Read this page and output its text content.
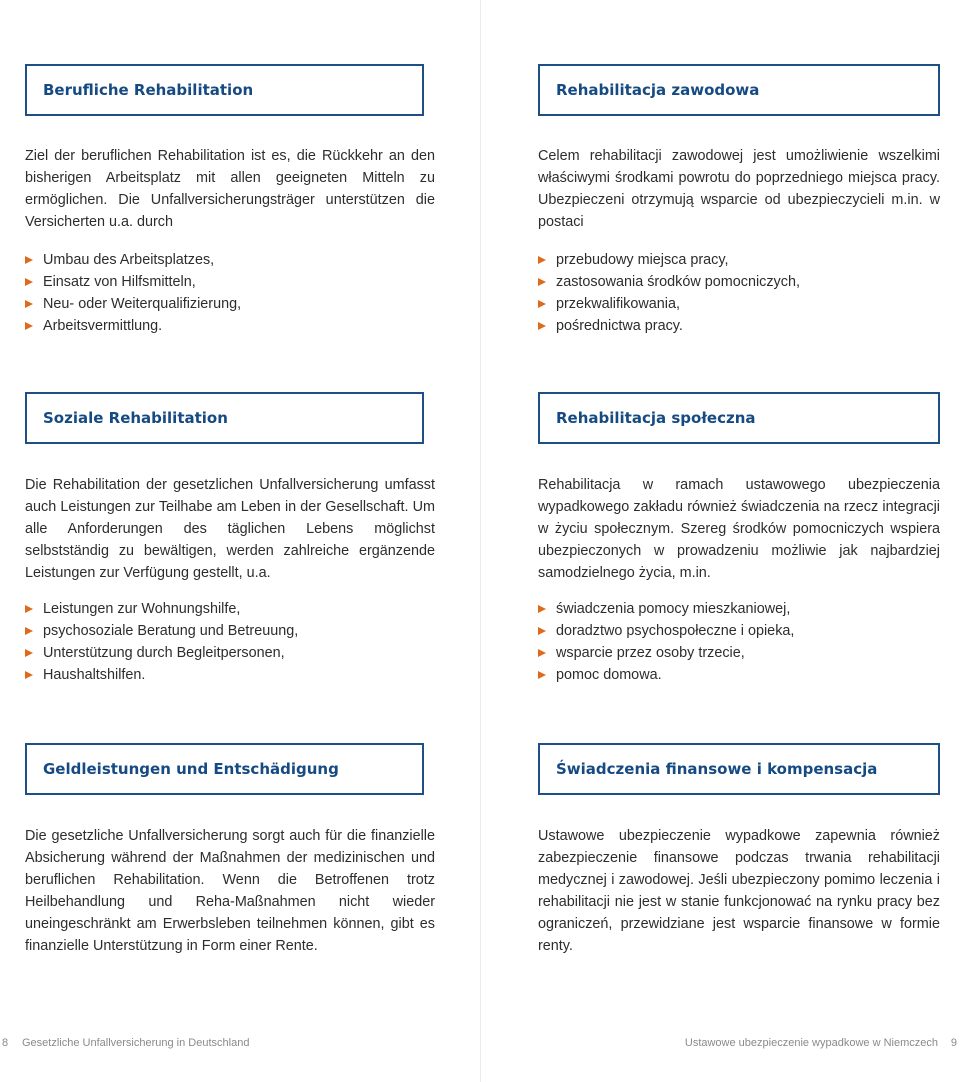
Berufliche Rehabilitation
Ziel der beruflichen Rehabilitation ist es, die Rückkehr an den bisherigen Arbeitsplatz mit allen geeigneten Mitteln zu ermöglichen. Die Unfallversicherungsträger unterstützen die Versicherten u.a. durch
Umbau des Arbeitsplatzes,
Einsatz von Hilfsmitteln,
Neu- oder Weiterqualifizierung,
Arbeitsvermittlung.
Soziale Rehabilitation
Die Rehabilitation der gesetzlichen Unfallversicherung umfasst auch Leistungen zur Teilhabe am Leben in der Gesellschaft. Um alle Anforderungen des täglichen Lebens möglichst selbstständig zu bewältigen, werden zahlreiche ergänzende Leistungen zur Verfügung gestellt, u.a.
Leistungen zur Wohnungshilfe,
psychosoziale Beratung und Betreuung,
Unterstützung durch Begleitpersonen,
Haushaltshilfen.
Geldleistungen und Entschädigung
Die gesetzliche Unfallversicherung sorgt auch für die finanzielle Absicherung während der Maßnahmen der medizinischen und beruflichen Rehabilitation. Wenn die Betroffenen trotz Heilbehandlung und Reha-Maßnahmen nicht wieder uneingeschränkt am Erwerbsleben teilnehmen können, gibt es finanzielle Unterstützung in Form einer Rente.
Rehabilitacja zawodowa
Celem rehabilitacji zawodowej jest umożliwienie wszelkimi właściwymi środkami powrotu do poprzedniego miejsca pracy. Ubezpieczeni otrzymują wsparcie od ubezpieczycieli m.in. w postaci
przebudowy miejsca pracy,
zastosowania środków pomocniczych,
przekwalifikowania,
pośrednictwa pracy.
Rehabilitacja społeczna
Rehabilitacja w ramach ustawowego ubezpieczenia wypadkowego zakładu również świadczenia na rzecz integracji w życiu społecznym. Szereg środków pomocniczych wspiera ubezpieczonych w prowadzeniu możliwie jak najbardziej samodzielnego życia, m.in.
świadczenia pomocy mieszkaniowej,
doradztwo psychospołeczne i opieka,
wsparcie przez osoby trzecie,
pomoc domowa.
Świadczenia finansowe i kompensacja
Ustawowe ubezpieczenie wypadkowe zapewnia również zabezpieczenie finansowe podczas trwania rehabilitacji medycznej i zawodowej. Jeśli ubezpieczony pomimo leczenia i rehabilitacji nie jest w stanie funkcjonować na rynku pracy bez ograniczeń, przewidziane jest wsparcie finansowe w formie renty.
8 Gesetzliche Unfallversicherung in Deutschland	Ustawowe ubezpieczenie wypadkowe w Niemczech 9
